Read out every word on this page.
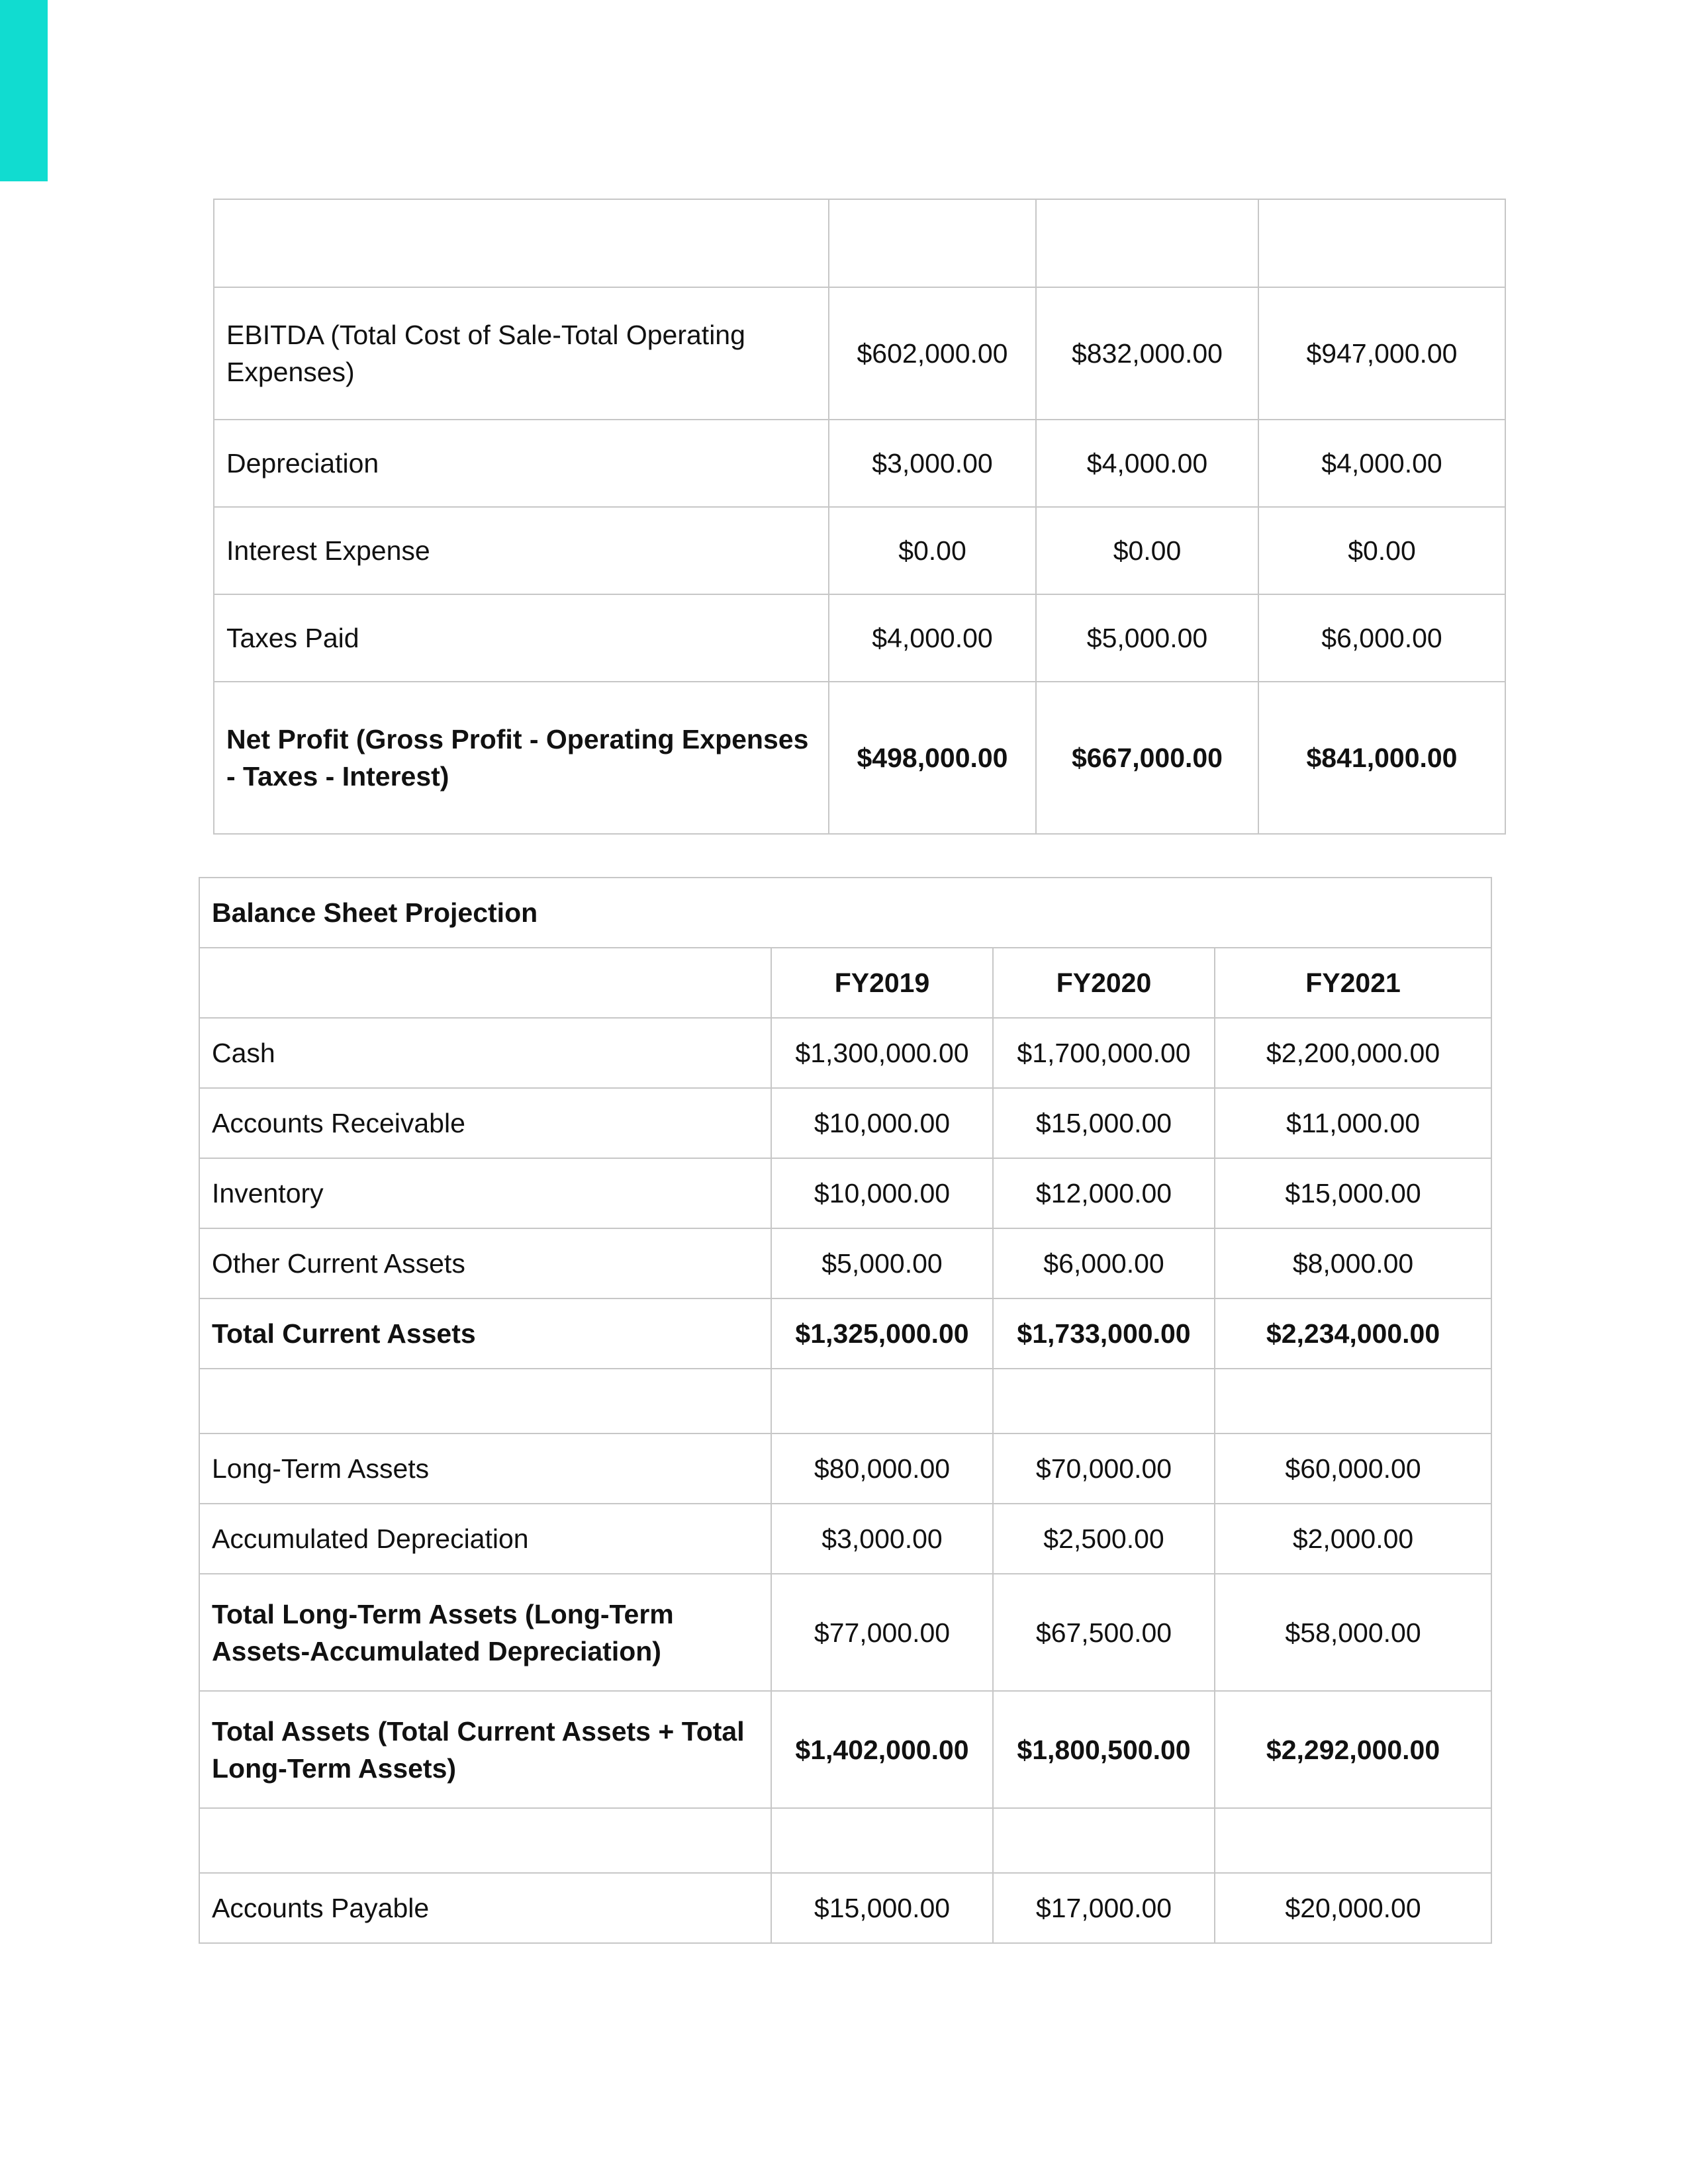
EBITDA (Total Cost of Sale-Total Operating Expenses)	$602,000.00	$832,000.00	$947,000.00
Depreciation	$3,000.00	$4,000.00	$4,000.00
Interest Expense	$0.00	$0.00	$0.00
Taxes Paid	$4,000.00	$5,000.00	$6,000.00
Net Profit (Gross Profit - Operating Expenses - Taxes - Interest)	$498,000.00	$667,000.00	$841,000.00
Balance Sheet Projection			
	FY2019	FY2020	FY2021
Cash	$1,300,000.00	$1,700,000.00	$2,200,000.00
Accounts Receivable	$10,000.00	$15,000.00	$11,000.00
Inventory	$10,000.00	$12,000.00	$15,000.00
Other Current Assets	$5,000.00	$6,000.00	$8,000.00
Total Current Assets	$1,325,000.00	$1,733,000.00	$2,234,000.00

Long-Term Assets	$80,000.00	$70,000.00	$60,000.00
Accumulated Depreciation	$3,000.00	$2,500.00	$2,000.00
Total Long-Term Assets (Long-Term Assets-Accumulated Depreciation)	$77,000.00	$67,500.00	$58,000.00
Total Assets (Total Current Assets + Total Long-Term Assets)	$1,402,000.00	$1,800,500.00	$2,292,000.00

Accounts Payable	$15,000.00	$17,000.00	$20,000.00
